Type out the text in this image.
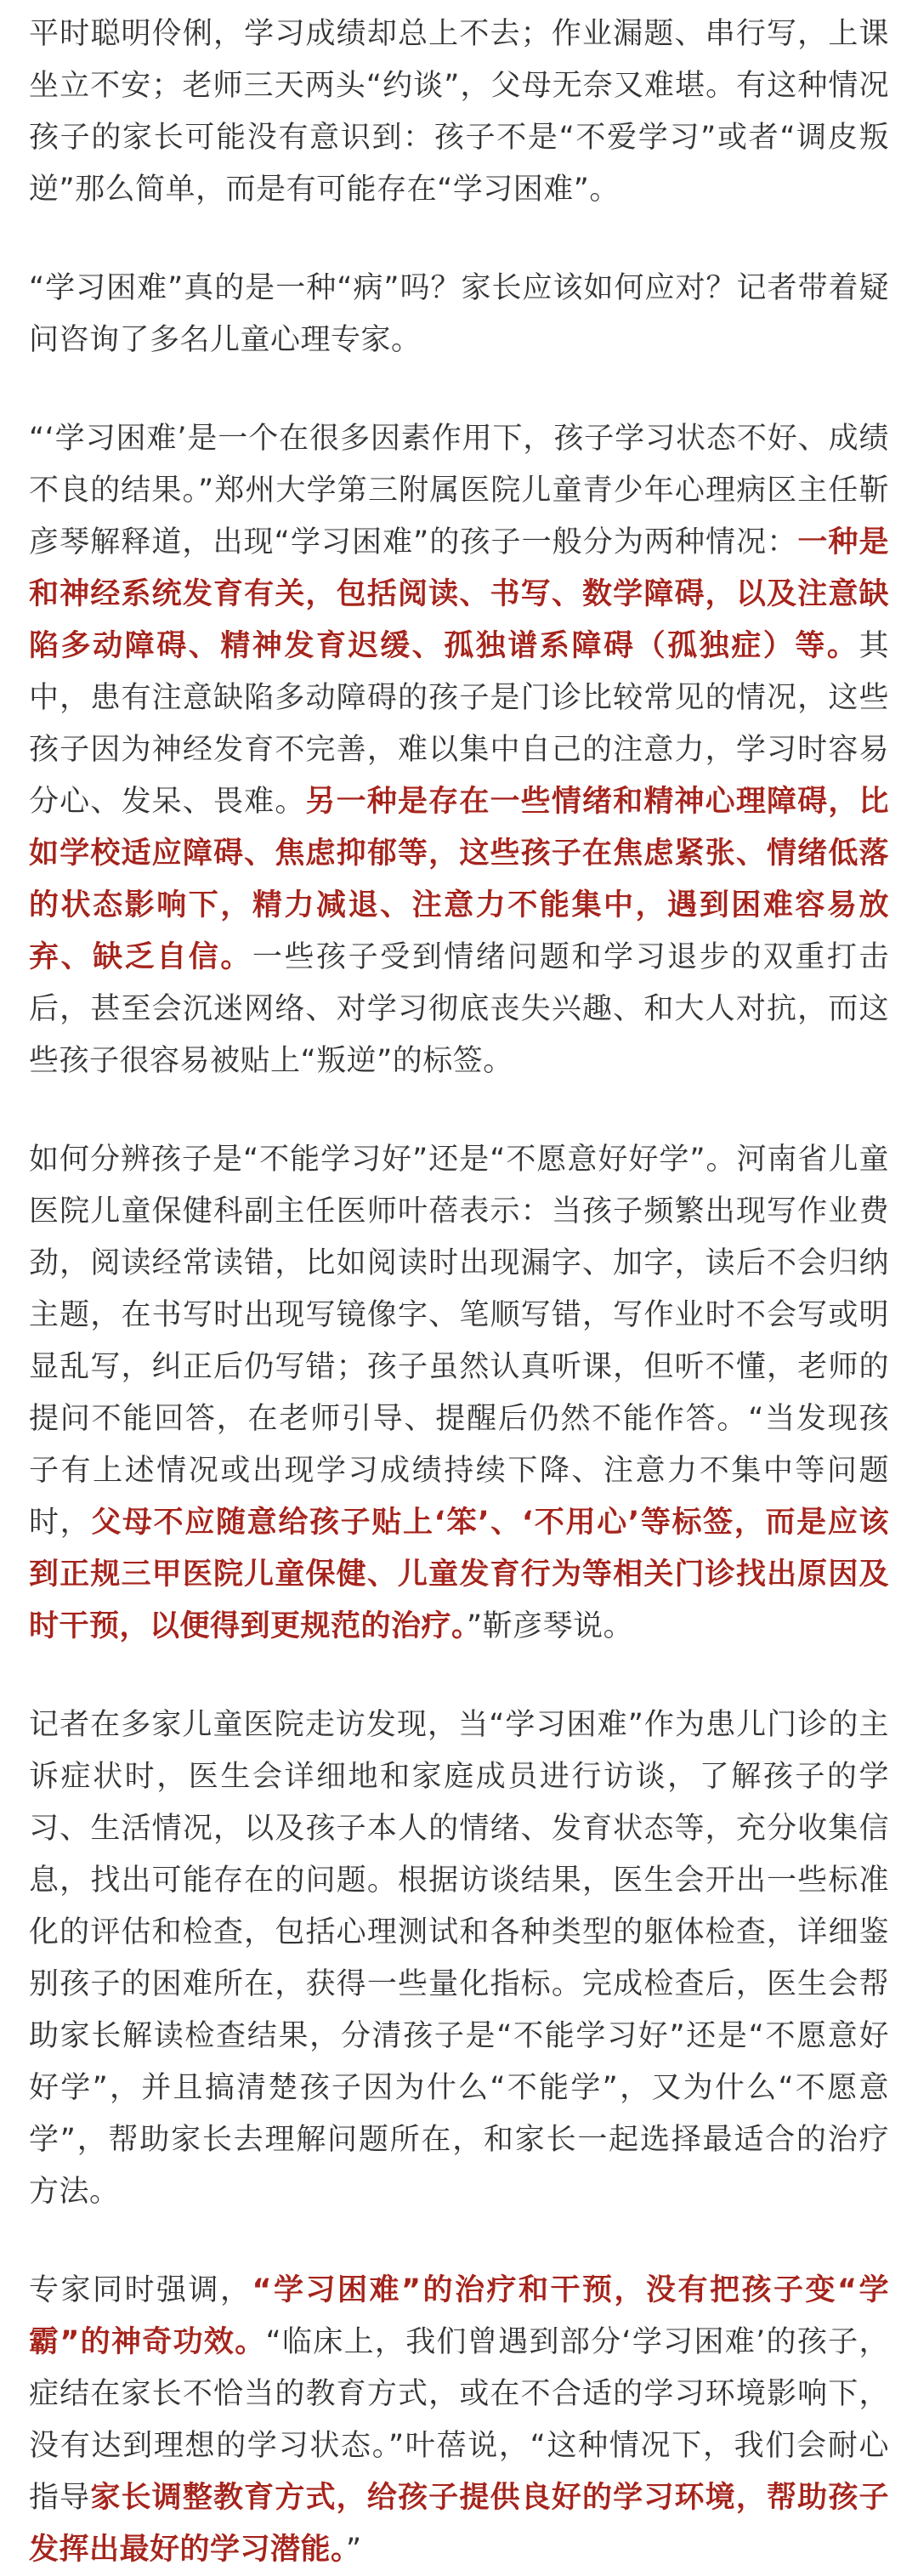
平时聪明伶俐，学习成绩却总上不去；作业漏题、串行写，上课坐立不安；老师三天两头“约谈”，父母无奈又难堪。有这种情况孩子的家长可能没有意识到：孩子不是“不爱学习”或者“调皮叛逆”那么简单，而是有可能存在“学习困难”。

“学习困难”真的是一种“病”吗？家长应该如何应对？记者带着疑问咨询了多名儿童心理专家。

“‘学习困难’是一个在很多因素作用下，孩子学习状态不好、成绩不良的结果。”郑州大学第三附属医院儿童青少年心理病区主任靳彦琴解释道，出现“学习困难”的孩子一般分为两种情况：一种是和神经系统发育有关，包括阅读、书写、数学障碍，以及注意缺陷多动障碍、精神发育迟缓、孤独谱系障碍（孤独症）等。其中，患有注意缺陷多动障碍的孩子是门诊比较常见的情况，这些孩子因为神经发育不完善，难以集中自己的注意力，学习时容易分心、发呆、畏难。另一种是存在一些情绪和精神心理障碍，比如学校适应障碍、焦虑抑郁等，这些孩子在焦虑紧张、情绪低落的状态影响下，精力减退、注意力不能集中，遇到困难容易放弃、缺乏自信。一些孩子受到情绪问题和学习退步的双重打击后，甚至会沉迷网络、对学习彻底丧失兴趣、和大人对抗，而这些孩子很容易被贴上“叛逆”的标签。

如何分辨孩子是“不能学习好”还是“不愿意好好学”。河南省儿童医院儿童保健科副主任医师叶蓓表示：当孩子频繁出现写作业费劲，阅读经常读错，比如阅读时出现漏字、加字，读后不会归纳主题，在书写时出现写镜像字、笔顺写错，写作业时不会写或明显乱写，纠正后仍写错；孩子虽然认真听课，但听不懂，老师的提问不能回答，在老师引导、提醒后仍然不能作答。“当发现孩子有上述情况或出现学习成绩持续下降、注意力不集中等问题时，父母不应随意给孩子贴上‘笨’、‘不用心’等标签，而是应该到正规三甲医院儿童保健、儿童发育行为等相关门诊找出原因及时干预，以便得到更规范的治疗。”靳彦琴说。

记者在多家儿童医院走访发现，当“学习困难”作为患儿门诊的主诉症状时，医生会详细地和家庭成员进行访谈，了解孩子的学习、生活情况，以及孩子本人的情绪、发育状态等，充分收集信息，找出可能存在的问题。根据访谈结果，医生会开出一些标准化的评估和检查，包括心理测试和各种类型的躯体检查，详细鉴别孩子的困难所在，获得一些量化指标。完成检查后，医生会帮助家长解读检查结果，分清孩子是“不能学习好”还是“不愿意好好学”，并且搞清楚孩子因为什么“不能学”，又为什么“不愿意学”，帮助家长去理解问题所在，和家长一起选择最适合的治疗方法。

专家同时强调，“学习困难”的治疗和干预，没有把孩子变“学霸”的神奇功效。“临床上，我们曾遇到部分‘学习困难’的孩子，症结在家长不恰当的教育方式，或在不合适的学习环境影响下，没有达到理想的学习状态。”叶蓓说，“这种情况下，我们会耐心指导家长调整教育方式，给孩子提供良好的学习环境，帮助孩子发挥出最好的学习潜能。”
